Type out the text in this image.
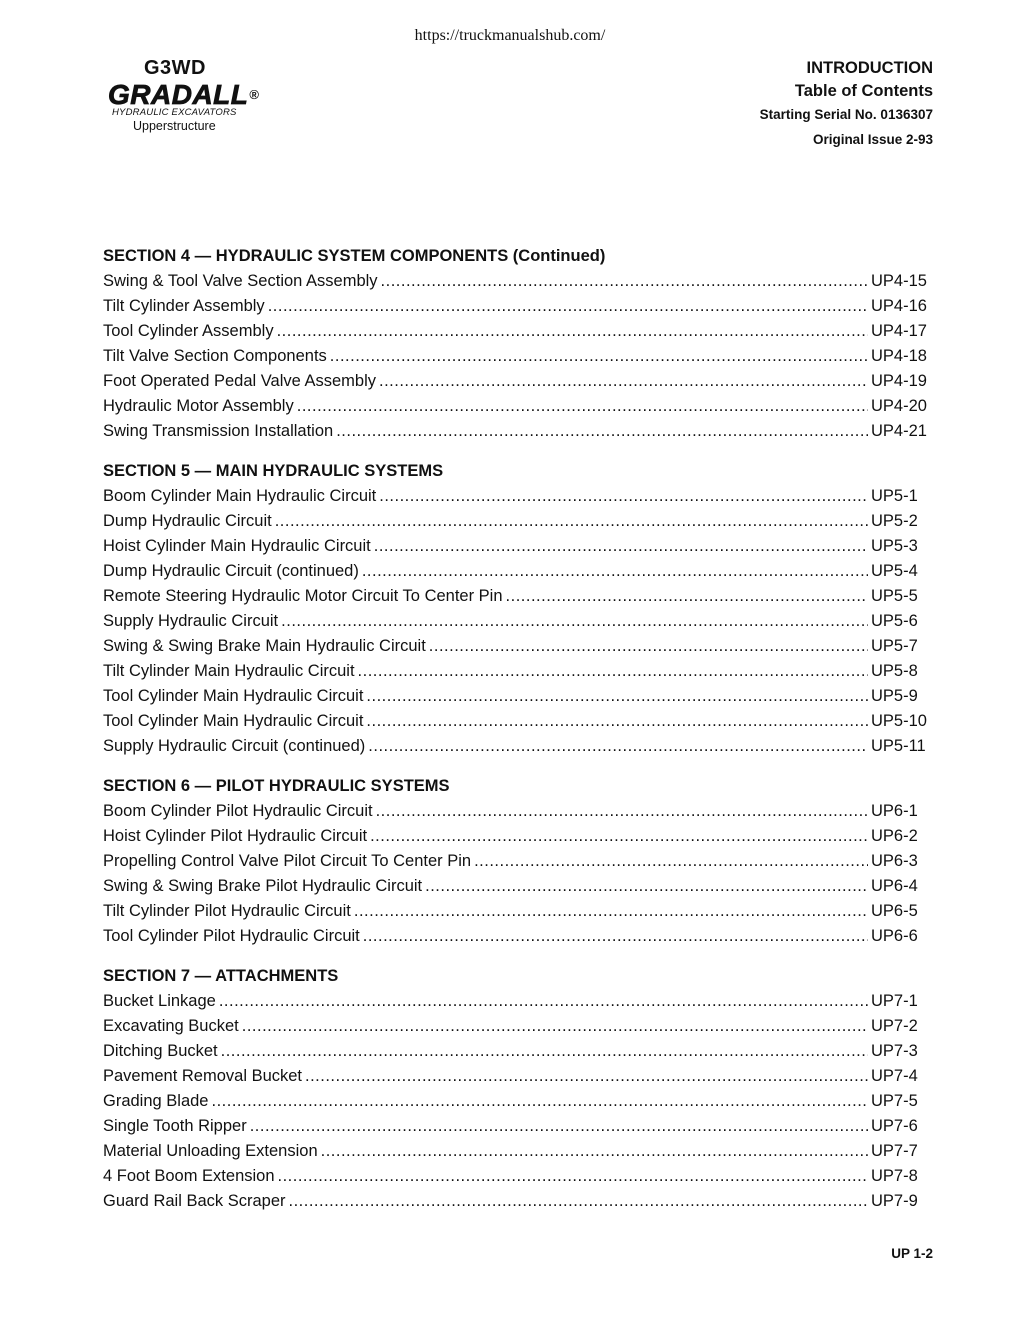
https://truckmanualshub.com/
G3WD
GRADALL®
HYDRAULIC EXCAVATORS
Upperstructure
INTRODUCTION
Table of Contents
Starting Serial No. 0136307
Original Issue 2-93
SECTION 4 — HYDRAULIC SYSTEM COMPONENTS (Continued)
Swing & Tool Valve Section Assembly .....	UP4-15
Tilt Cylinder Assembly .....	UP4-16
Tool Cylinder Assembly .....	UP4-17
Tilt Valve Section Components .....	UP4-18
Foot Operated Pedal Valve Assembly .....	UP4-19
Hydraulic Motor Assembly .....	UP4-20
Swing Transmission Installation .....	UP4-21
SECTION 5 — MAIN HYDRAULIC SYSTEMS
Boom Cylinder Main Hydraulic Circuit .....	UP5-1
Dump Hydraulic Circuit .....	UP5-2
Hoist Cylinder Main Hydraulic Circuit .....	UP5-3
Dump Hydraulic Circuit (continued) .....	UP5-4
Remote Steering Hydraulic Motor Circuit To Center Pin .....	UP5-5
Supply Hydraulic Circuit .....	UP5-6
Swing & Swing Brake Main Hydraulic Circuit .....	UP5-7
Tilt Cylinder Main Hydraulic Circuit .....	UP5-8
Tool Cylinder Main Hydraulic Circuit .....	UP5-9
Tool Cylinder Main Hydraulic Circuit .....	UP5-10
Supply Hydraulic Circuit (continued) .....	UP5-11
SECTION 6 — PILOT HYDRAULIC SYSTEMS
Boom Cylinder Pilot Hydraulic Circuit .....	UP6-1
Hoist Cylinder Pilot Hydraulic Circuit .....	UP6-2
Propelling Control Valve Pilot Circuit To Center Pin .....	UP6-3
Swing & Swing Brake Pilot Hydraulic Circuit .....	UP6-4
Tilt Cylinder Pilot Hydraulic Circuit .....	UP6-5
Tool Cylinder Pilot Hydraulic Circuit .....	UP6-6
SECTION 7 — ATTACHMENTS
Bucket Linkage .....	UP7-1
Excavating Bucket .....	UP7-2
Ditching Bucket .....	UP7-3
Pavement Removal Bucket .....	UP7-4
Grading Blade .....	UP7-5
Single Tooth Ripper .....	UP7-6
Material Unloading Extension .....	UP7-7
4 Foot Boom Extension .....	UP7-8
Guard Rail Back Scraper .....	UP7-9
UP 1-2
